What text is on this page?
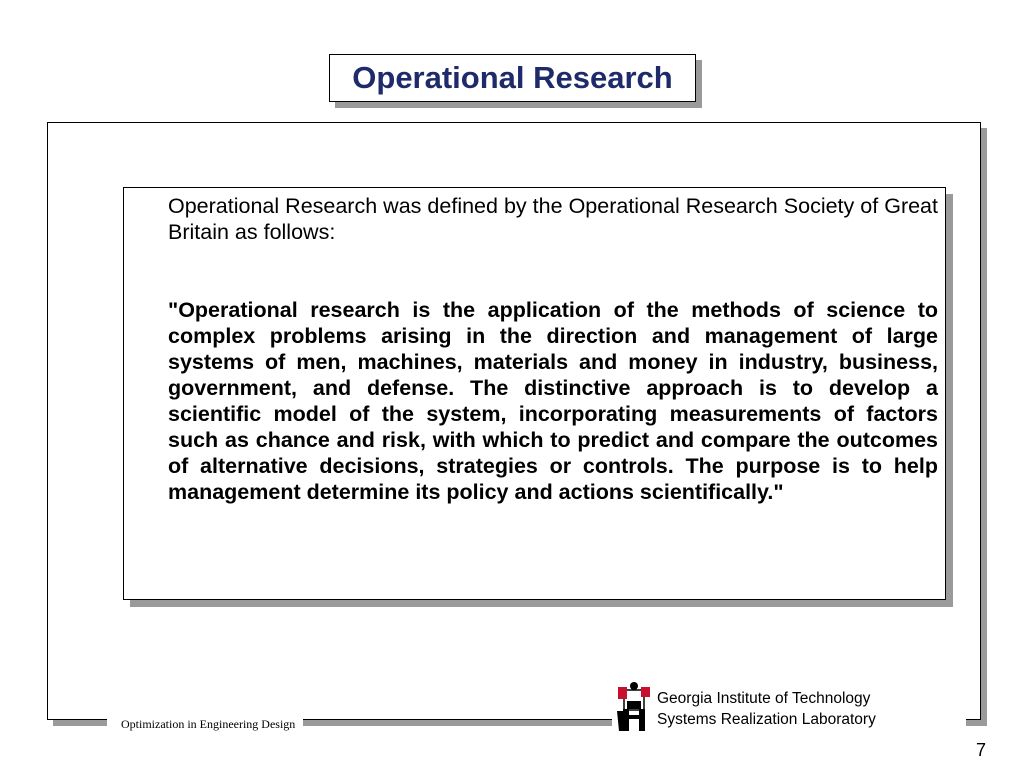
Operational Research

Operational Research was defined by the Operational Research Society of Great Britain as follows:

"Operational research is the application of the methods of science to complex problems arising in the direction and management of large systems of men, machines, materials and money in industry, business, government, and defense. The distinctive approach is to develop a scientific model of the system, incorporating measurements of factors such as chance and risk, with which to predict and compare the outcomes of alternative decisions, strategies or controls. The purpose is to help management determine its policy and actions scientifically."

Optimization in Engineering Design
Georgia Institute of Technology
Systems Realization Laboratory
7
